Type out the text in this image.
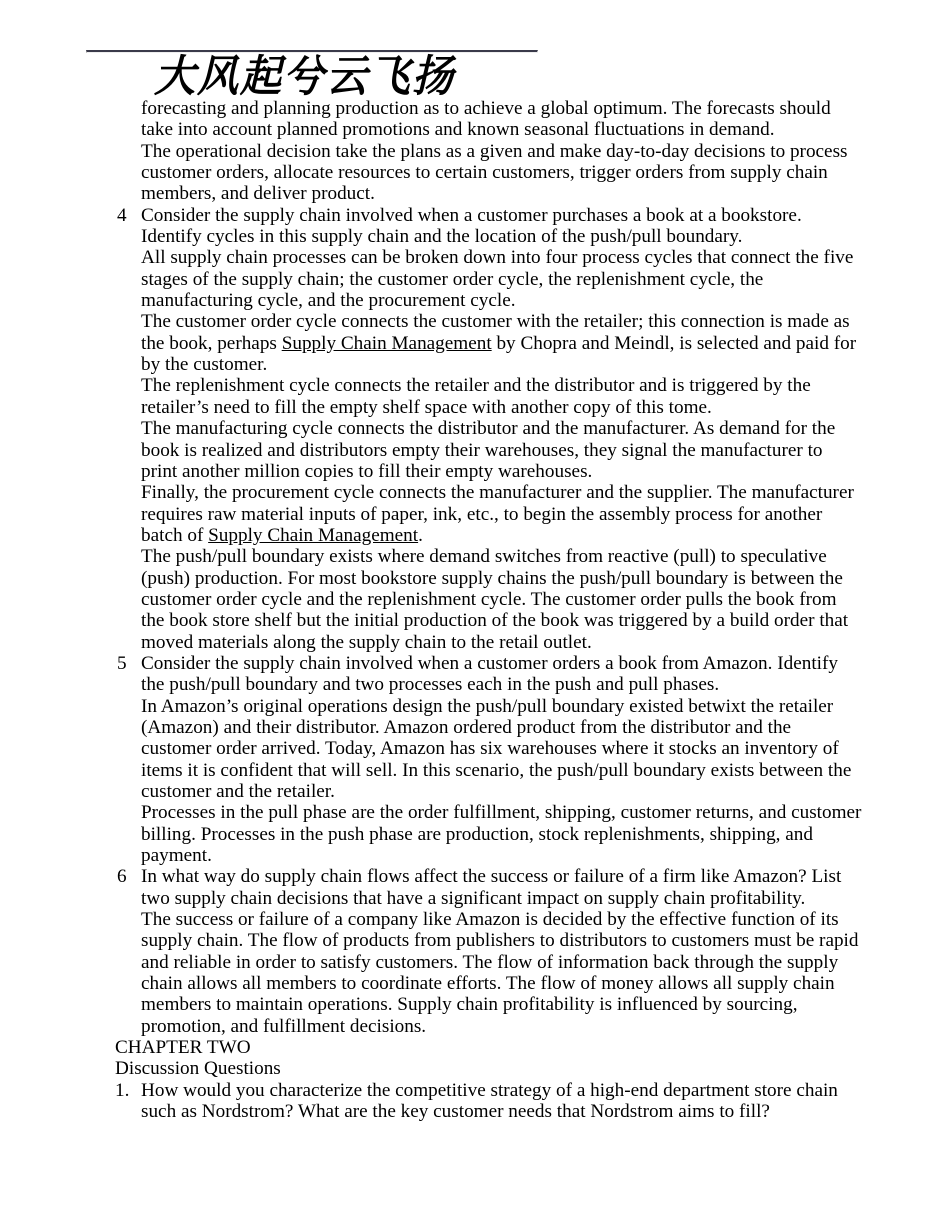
大风起兮云飞扬

forecasting and planning production as to achieve a global optimum. The forecasts should take into account planned promotions and known seasonal fluctuations in demand.

The operational decision take the plans as a given and make day-to-day decisions to process customer orders, allocate resources to certain customers, trigger orders from supply chain members, and deliver product.

4 Consider the supply chain involved when a customer purchases a book at a bookstore. Identify cycles in this supply chain and the location of the push/pull boundary.

All supply chain processes can be broken down into four process cycles that connect the five stages of the supply chain; the customer order cycle, the replenishment cycle, the manufacturing cycle, and the procurement cycle.

The customer order cycle connects the customer with the retailer; this connection is made as the book, perhaps Supply Chain Management by Chopra and Meindl, is selected and paid for by the customer.

The replenishment cycle connects the retailer and the distributor and is triggered by the retailer’s need to fill the empty shelf space with another copy of this tome.

The manufacturing cycle connects the distributor and the manufacturer. As demand for the book is realized and distributors empty their warehouses, they signal the manufacturer to print another million copies to fill their empty warehouses.

Finally, the procurement cycle connects the manufacturer and the supplier. The manufacturer requires raw material inputs of paper, ink, etc., to begin the assembly process for another batch of Supply Chain Management.

The push/pull boundary exists where demand switches from reactive (pull) to speculative (push) production. For most bookstore supply chains the push/pull boundary is between the customer order cycle and the replenishment cycle. The customer order pulls the book from the book store shelf but the initial production of the book was triggered by a build order that moved materials along the supply chain to the retail outlet.

5 Consider the supply chain involved when a customer orders a book from Amazon. Identify the push/pull boundary and two processes each in the push and pull phases.

In Amazon’s original operations design the push/pull boundary existed betwixt the retailer (Amazon) and their distributor. Amazon ordered product from the distributor and the customer order arrived. Today, Amazon has six warehouses where it stocks an inventory of items it is confident that will sell. In this scenario, the push/pull boundary exists between the customer and the retailer.

Processes in the pull phase are the order fulfillment, shipping, customer returns, and customer billing. Processes in the push phase are production, stock replenishments, shipping, and payment.

6 In what way do supply chain flows affect the success or failure of a firm like Amazon? List two supply chain decisions that have a significant impact on supply chain profitability.

The success or failure of a company like Amazon is decided by the effective function of its supply chain. The flow of products from publishers to distributors to customers must be rapid and reliable in order to satisfy customers. The flow of information back through the supply chain allows all members to coordinate efforts. The flow of money allows all supply chain members to maintain operations. Supply chain profitability is influenced by sourcing, promotion, and fulfillment decisions.

CHAPTER TWO

Discussion Questions

1. How would you characterize the competitive strategy of a high-end department store chain such as Nordstrom? What are the key customer needs that Nordstrom aims to fill?
